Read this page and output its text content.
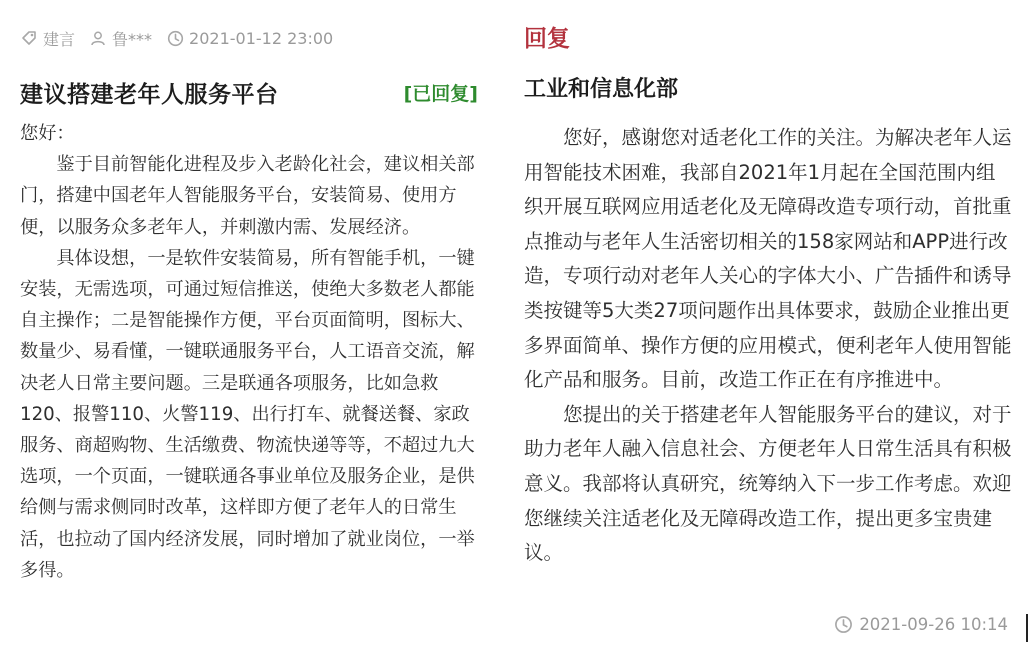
建言 鲁*** 2021-01-12 23:00
建议搭建老年人服务平台	[已回复]

您好：

鉴于目前智能化进程及步入老龄化社会，建议相关部门，搭建中国老年人智能服务平台，安装简易、使用方便，以服务众多老年人，并刺激内需、发展经济。

具体设想，一是软件安装简易，所有智能手机，一键安装，无需选项，可通过短信推送，使绝大多数老人都能自主操作；二是智能操作方便，平台页面简明，图标大、数量少、易看懂，一键联通服务平台，人工语音交流，解决老人日常主要问题。三是联通各项服务，比如急救120、报警110、火警119、出行打车、就餐送餐、家政服务、商超购物、生活缴费、物流快递等等，不超过九大选项，一个页面，一键联通各事业单位及服务企业，是供给侧与需求侧同时改革，这样即方便了老年人的日常生活，也拉动了国内经济发展，同时增加了就业岗位，一举多得。

回复
工业和信息化部

您好，感谢您对适老化工作的关注。为解决老年人运用智能技术困难，我部自2021年1月起在全国范围内组织开展互联网应用适老化及无障碍改造专项行动，首批重点推动与老年人生活密切相关的158家网站和APP进行改造，专项行动对老年人关心的字体大小、广告插件和诱导类按键等5大类27项问题作出具体要求，鼓励企业推出更多界面简单、操作方便的应用模式，便利老年人使用智能化产品和服务。目前，改造工作正在有序推进中。

您提出的关于搭建老年人智能服务平台的建议，对于助力老年人融入信息社会、方便老年人日常生活具有积极意义。我部将认真研究，统筹纳入下一步工作考虑。欢迎您继续关注适老化及无障碍改造工作，提出更多宝贵建议。

2021-09-26 10:14
